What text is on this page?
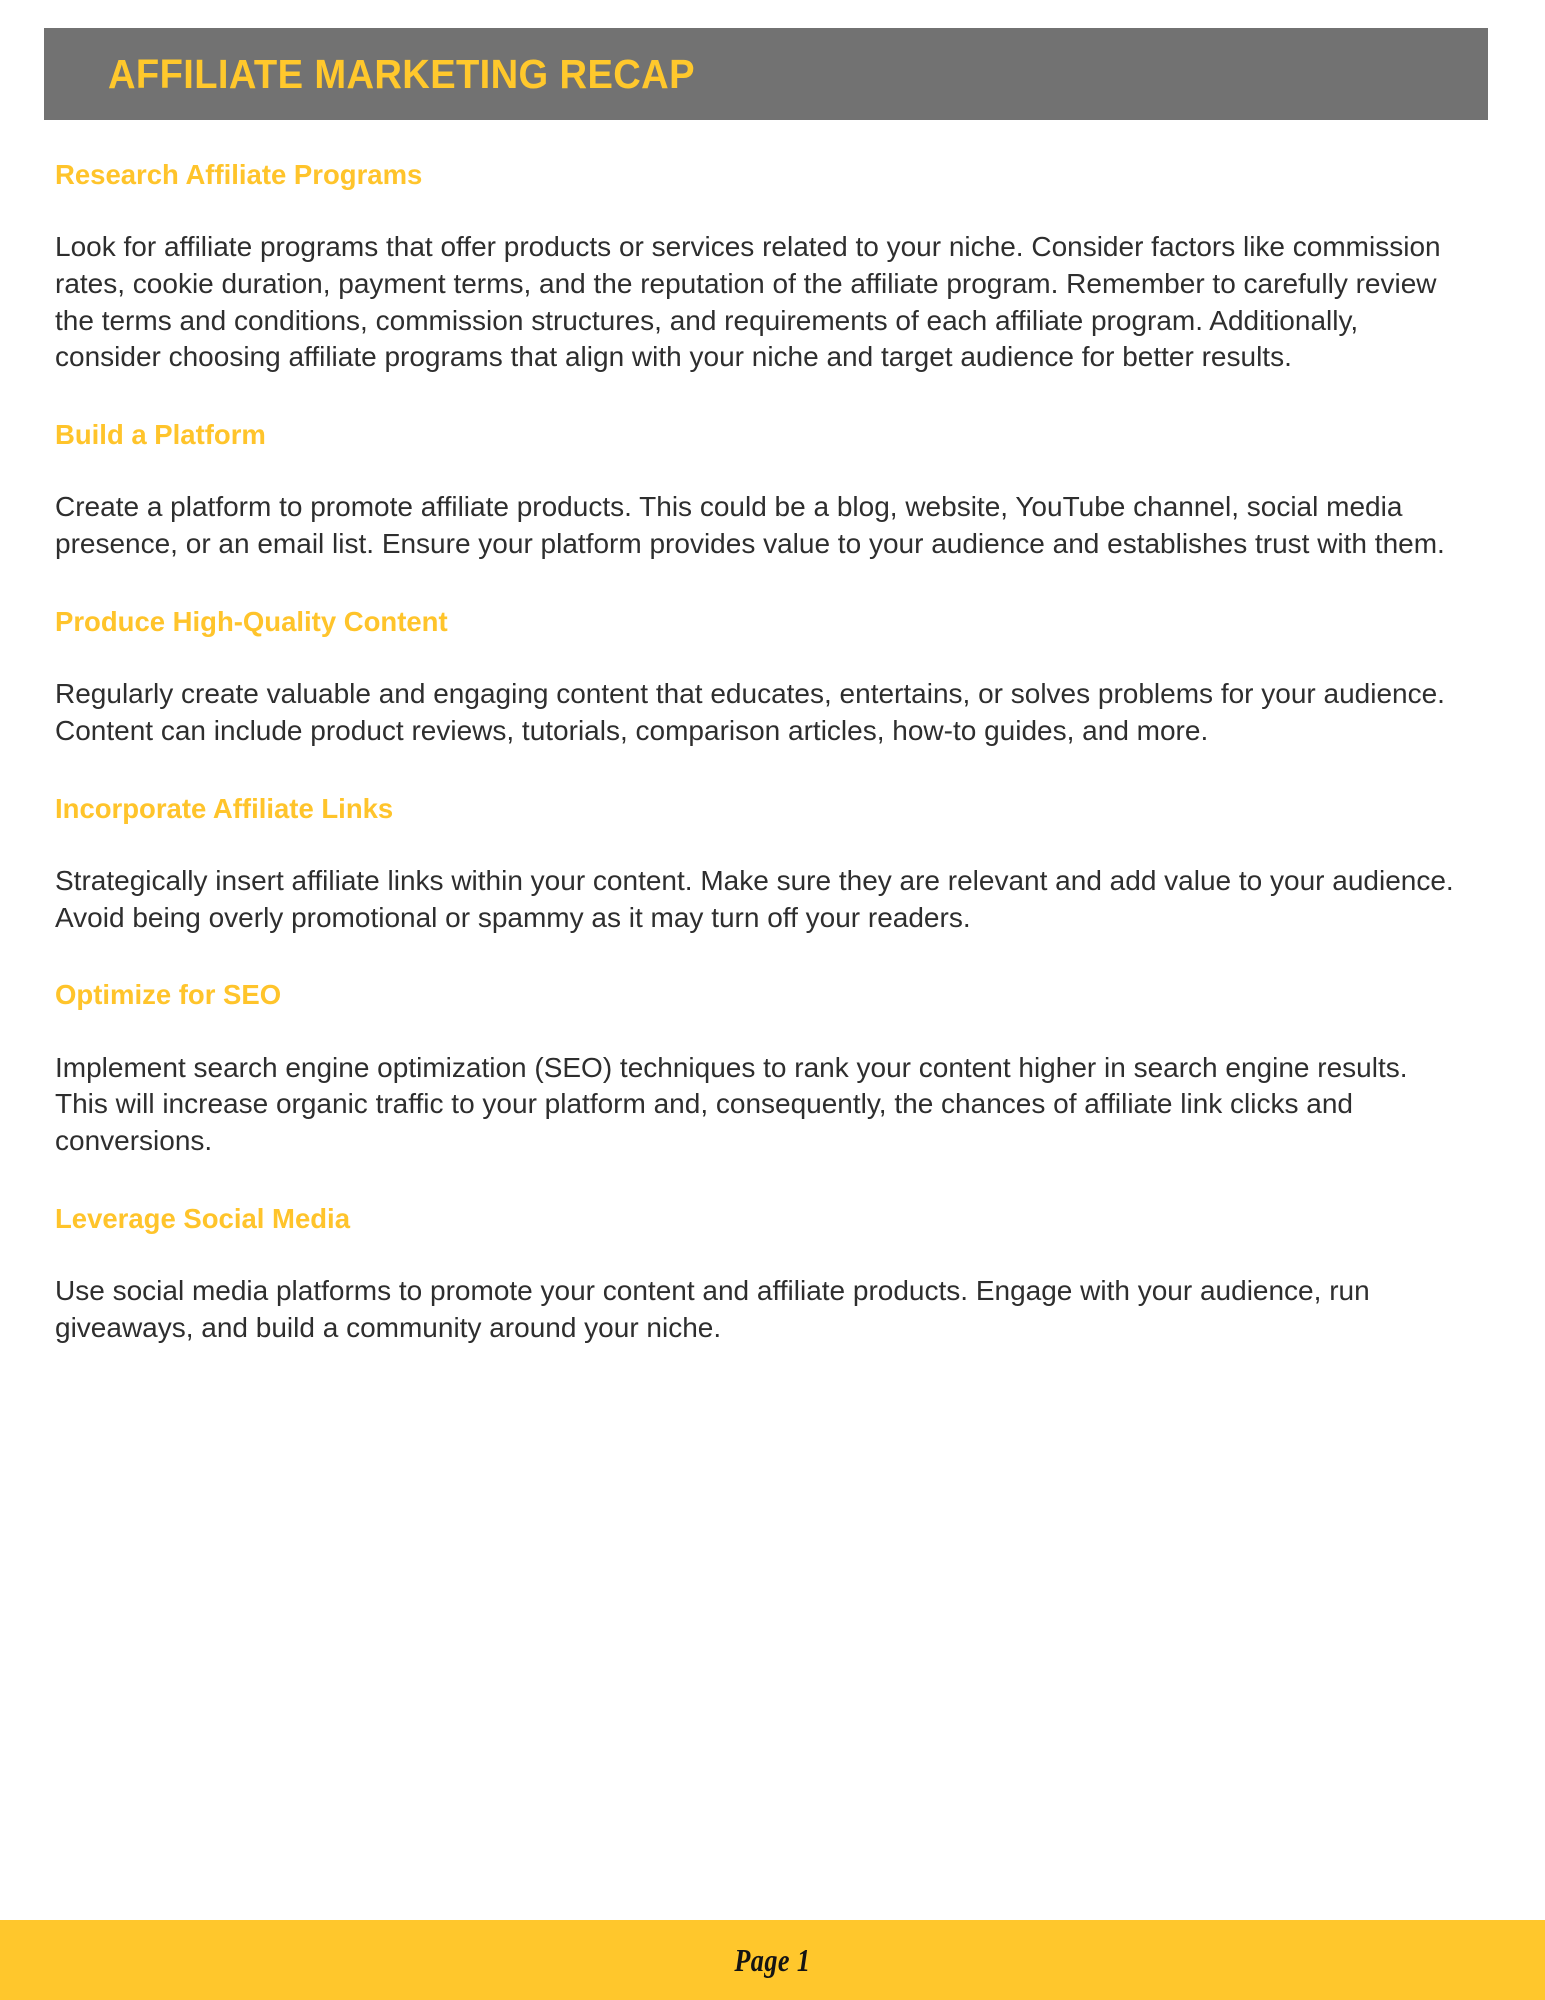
AFFILIATE MARKETING RECAP
Research Affiliate Programs

Look for affiliate programs that offer products or services related to your niche. Consider factors like commission rates, cookie duration, payment terms, and the reputation of the affiliate program. Remember to carefully review the terms and conditions, commission structures, and requirements of each affiliate program. Additionally, consider choosing affiliate programs that align with your niche and target audience for better results.

Build a Platform

Create a platform to promote affiliate products. This could be a blog, website, YouTube channel, social media presence, or an email list. Ensure your platform provides value to your audience and establishes trust with them.

Produce High-Quality Content

Regularly create valuable and engaging content that educates, entertains, or solves problems for your audience. Content can include product reviews, tutorials, comparison articles, how-to guides, and more.

Incorporate Affiliate Links

Strategically insert affiliate links within your content. Make sure they are relevant and add value to your audience. Avoid being overly promotional or spammy as it may turn off your readers.

Optimize for SEO

Implement search engine optimization (SEO) techniques to rank your content higher in search engine results. This will increase organic traffic to your platform and, consequently, the chances of affiliate link clicks and conversions.

Leverage Social Media

Use social media platforms to promote your content and affiliate products. Engage with your audience, run giveaways, and build a community around your niche.

Page 1
